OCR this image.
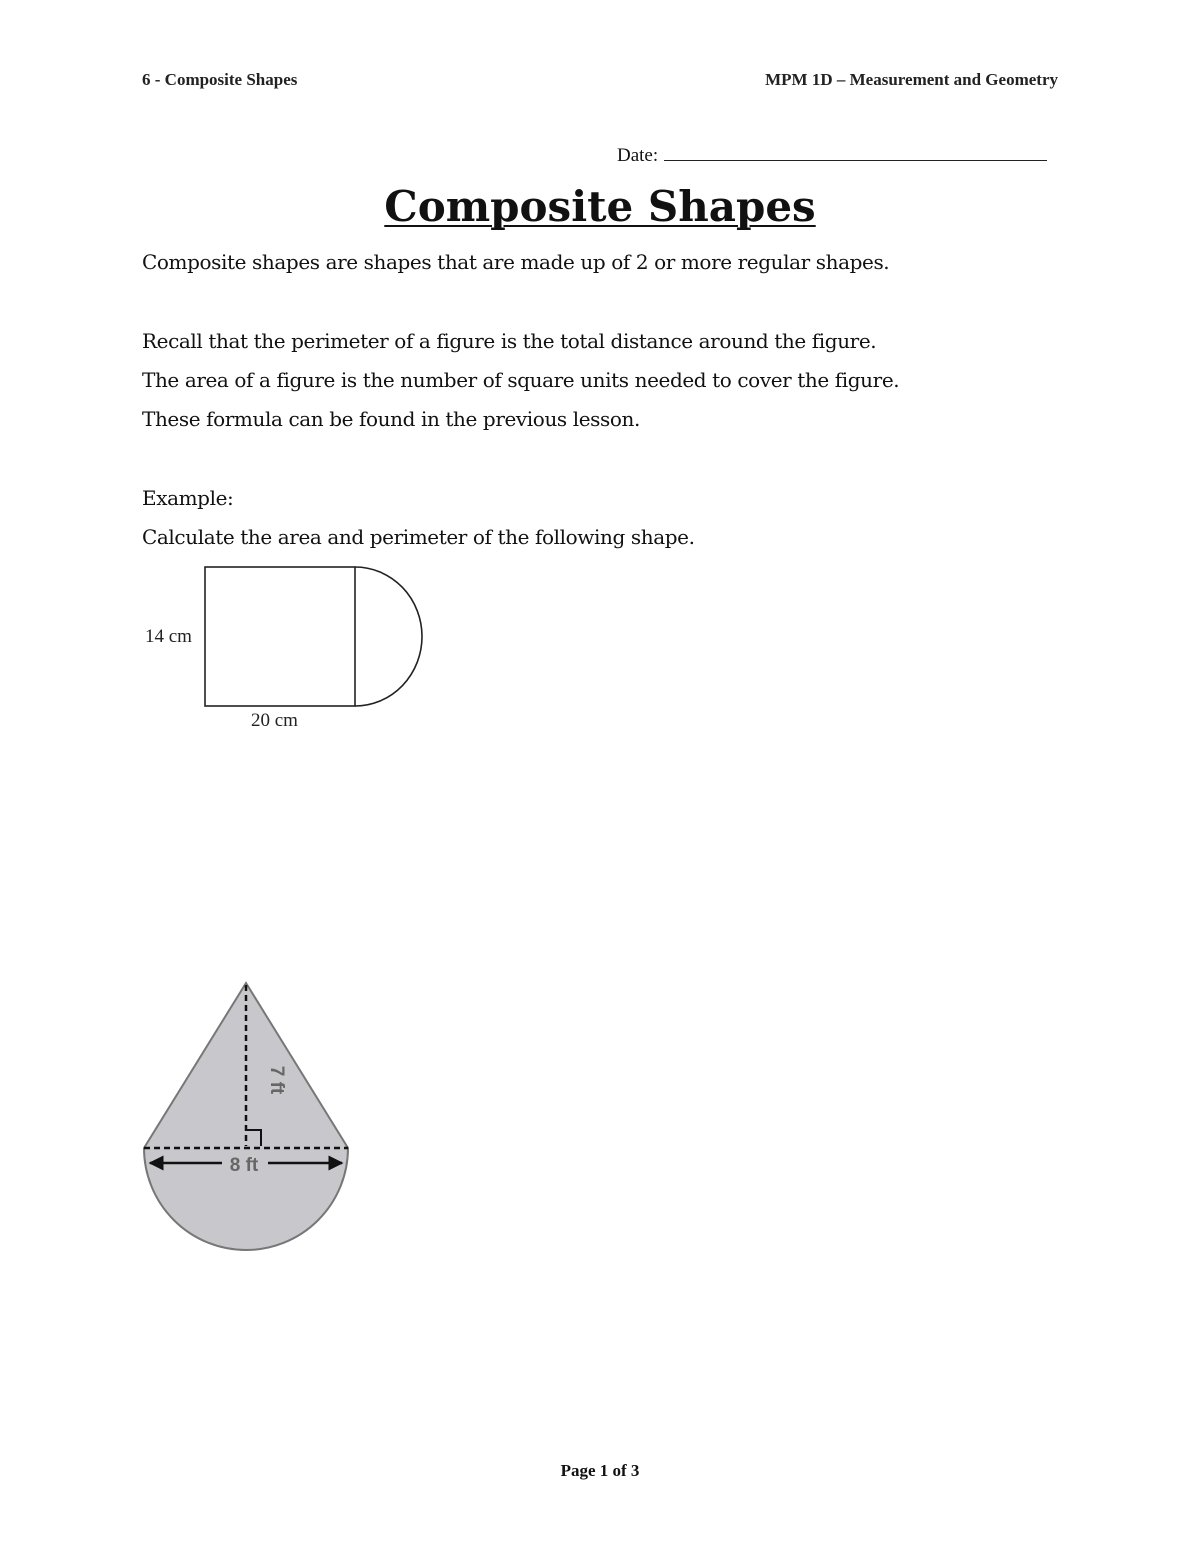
6 - Composite Shapes	MPM 1D – Measurement and Geometry
Date:
Composite Shapes
Composite shapes are shapes that are made up of 2 or more regular shapes.
Recall that the perimeter of a figure is the total distance around the figure.
The area of a figure is the number of square units needed to cover the figure.
These formula can be found in the previous lesson.
Example:
Calculate the area and perimeter of the following shape.
14 cm
20 cm
8 ft
7 ft
Page 1 of 3
